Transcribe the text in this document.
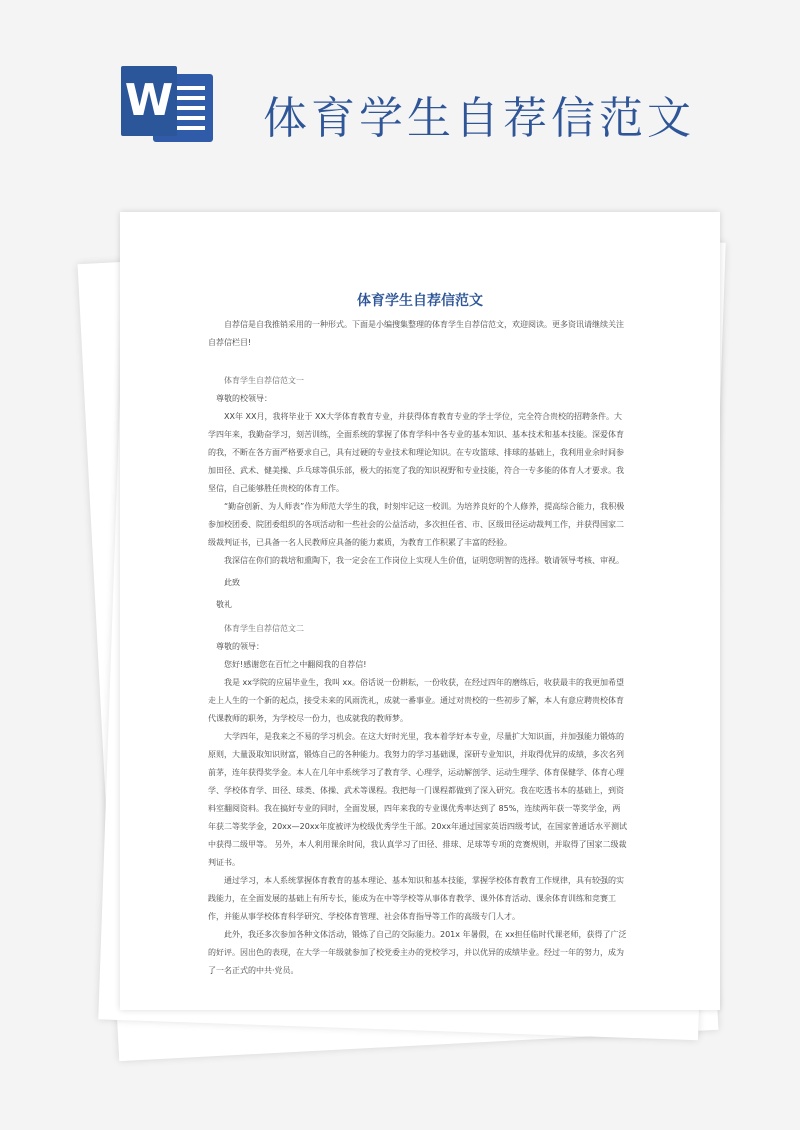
W 体育学生自荐信范文
体育学生自荐信范文

自荐信是自我推销采用的一种形式。下面是小编搜集整理的体育学生自荐信范文，欢迎阅读。更多资讯请继续关注自荐信栏目!

体育学生自荐信范文一

尊敬的校领导：

XX年 XX月，我将毕业于 XX大学体育教育专业，并获得体育教育专业的学士学位，完全符合贵校的招聘条件。大学四年来，我勤奋学习，刻苦训练，全面系统的掌握了体育学科中各专业的基本知识、基本技术和基本技能。深爱体育的我，不断在各方面严格要求自己，具有过硬的专业技术和理论知识。在专攻篮球、排球的基础上，我利用业余时间参加田径、武术、健美操、乒乓球等俱乐部，极大的拓宽了我的知识视野和专业技能，符合一专多能的体育人才要求。我坚信，自己能够胜任贵校的体育工作。

“勤奋创新、为人师表”作为师范大学生的我，时刻牢记这一校训。为培养良好的个人修养，提高综合能力，我积极参加校团委、院团委组织的各项活动和一些社会的公益活动，多次担任省、市、区级田径运动裁判工作，并获得国家二级裁判证书，已具备一名人民教师应具备的能力素质，为教育工作积累了丰富的经验。

我深信在你们的栽培和熏陶下，我一定会在工作岗位上实现人生价值，证明您明智的选择。敬请领导考核、审视。

此致

敬礼

体育学生自荐信范文二

尊敬的领导：

您好!感谢您在百忙之中翻阅我的自荐信!

我是 xx学院的应届毕业生，我叫 xx。俗话说一份耕耘，一份收获，在经过四年的磨练后，收获最丰的我更加希望走上人生的一个新的起点，接受未来的风雨洗礼，成就一番事业。通过对贵校的一些初步了解，本人有意应聘贵校体育代课教师的职务，为学校尽一份力，也成就我的教师梦。

大学四年，是我来之不易的学习机会。在这大好时光里，我本着学好本专业，尽量扩大知识面，并加强能力锻炼的原则，大量汲取知识财富，锻炼自己的各种能力。我努力的学习基础课，深研专业知识，并取得优异的成绩，多次名列前茅，连年获得奖学金。本人在几年中系统学习了教育学、心理学，运动解剖学、运动生理学、体育保健学、体育心理学、学校体育学、田径、球类、体操、武术等课程。我把每一门课程都做到了深入研究。我在吃透书本的基础上，到资料室翻阅资料。我在搞好专业的同时，全面发展，四年来我的专业课优秀率达到了 85%，连续两年获一等奖学金，两年获二等奖学金，20xx—20xx年度被评为校级优秀学生干部。20xx年通过国家英语四级考试，在国家普通话水平测试中获得二级甲等。 另外，本人利用课余时间，我认真学习了田径、排球、足球等专项的竞赛规则，并取得了国家二级裁判证书。

通过学习，本人系统掌握体育教育的基本理论、基本知识和基本技能，掌握学校体育教育工作规律，具有较强的实践能力，在全面发展的基础上有所专长，能成为在中等学校等从事体育教学、课外体育活动、课余体育训练和竞赛工作，并能从事学校体育科学研究、学校体育管理、社会体育指导等工作的高级专门人才。

此外，我还多次参加各种文体活动，锻炼了自己的交际能力。201x 年暑假，在 xx担任临时代课老师，获得了广泛的好评。因出色的表现，在大学一年级就参加了校党委主办的党校学习，并以优异的成绩毕业。经过一年的努力，成为了一名正式的中共·党员。
